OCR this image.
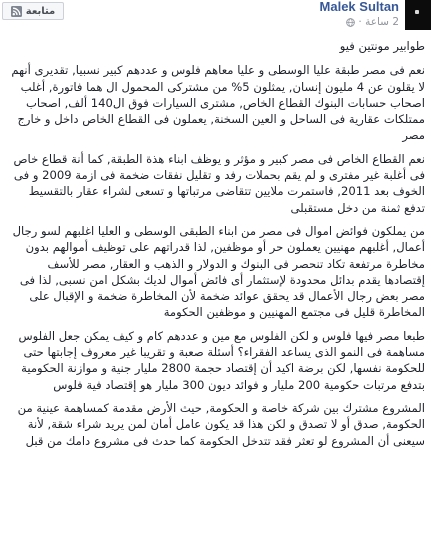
متابعة	Malek Sultan
2 ساعة ·

طوابير مونتين فيو

نعم فى مصر طبقة عليا الوسطى و عليا معاهم فلوس و عددهم كبير نسبيا, تقديرى أنهم لا يقلون عن 4 مليون إنسان, يمثلون 5% من مشتركى المحمول ال هما فاتورة, أغلب اصحاب حسابات البنوك القطاع الخاص, مشترى السيارات فوق ال140 ألف, اصحاب ممتلكات عقارية فى الساحل و العين السخنة, يعملون فى القطاع الخاص داخل و خارج مصر

نعم القطاع الخاص فى مصر كبير و مؤثر و يوظف ابناء هذة الطبقة, كما أنة قطاع خاص فى أغلبة غير مفترى و لم يقم بحملات رفد و تقليل نفقات ضخمة فى ازمة 2009 و فى الخوف بعد 2011, فاستمرت ملايين تتقاضى مرتباتها و تسعى لشراء عقار بالتقسيط تدفع ثمنة من دخل مستقبلى

من يملكون فوائض اموال فى مصر من ابناء الطبقى الوسطى و العليا اغلبهم لسو رجال أعمال, أغلبهم مهنيين يعملون حر أو موظفين, لذا قدراتهم على توظيف أموالهم بدون مخاطرة مرتفعة تكاد تنحصر فى البنوك و الدولار و الذهب و العقار, مصر للأسف إقتصادها يقدم بدائل محدودة لإستثمار أى فائض أموال لديك بشكل امن نسبى, لذا فى مصر بعض رجال الأعمال قد يحقق عوائد ضخمة لأن المخاطرة ضخمة و الإقبال على المخاطرة قليل فى مجتمع المهنيين و موظفين الحكومة

طبعا مصر فيها فلوس و لكن الفلوس مع مين و عددهم كام و كيف يمكن جعل الفلوس مساهمة فى النمو الذى يساعد الفقراء؟ أسئلة صعبة و تقريبا غير معروف إجابتها حتى للحكومة نفسها, لكن برضة اكيد أن إقتصاد حجمة 2800 مليار جنية و موازنة الحكومية بتدفع مرتبات حكومية 200 مليار و فوائد ديون 300 مليار هو إقتصاد فية فلوس

المشروع مشترك بين شركة خاصة و الحكومة, حيث الأرض مقدمة كمساهمة عينية من الحكومة, صدق أو لا تصدق و لكن هذا قد يكون عامل أمان لمن يريد شراء شقة, لأنة سيعنى أن المشروع لو تعثر فقد تتدخل الحكومة كما حدث فى مشروع دامك من قبل
